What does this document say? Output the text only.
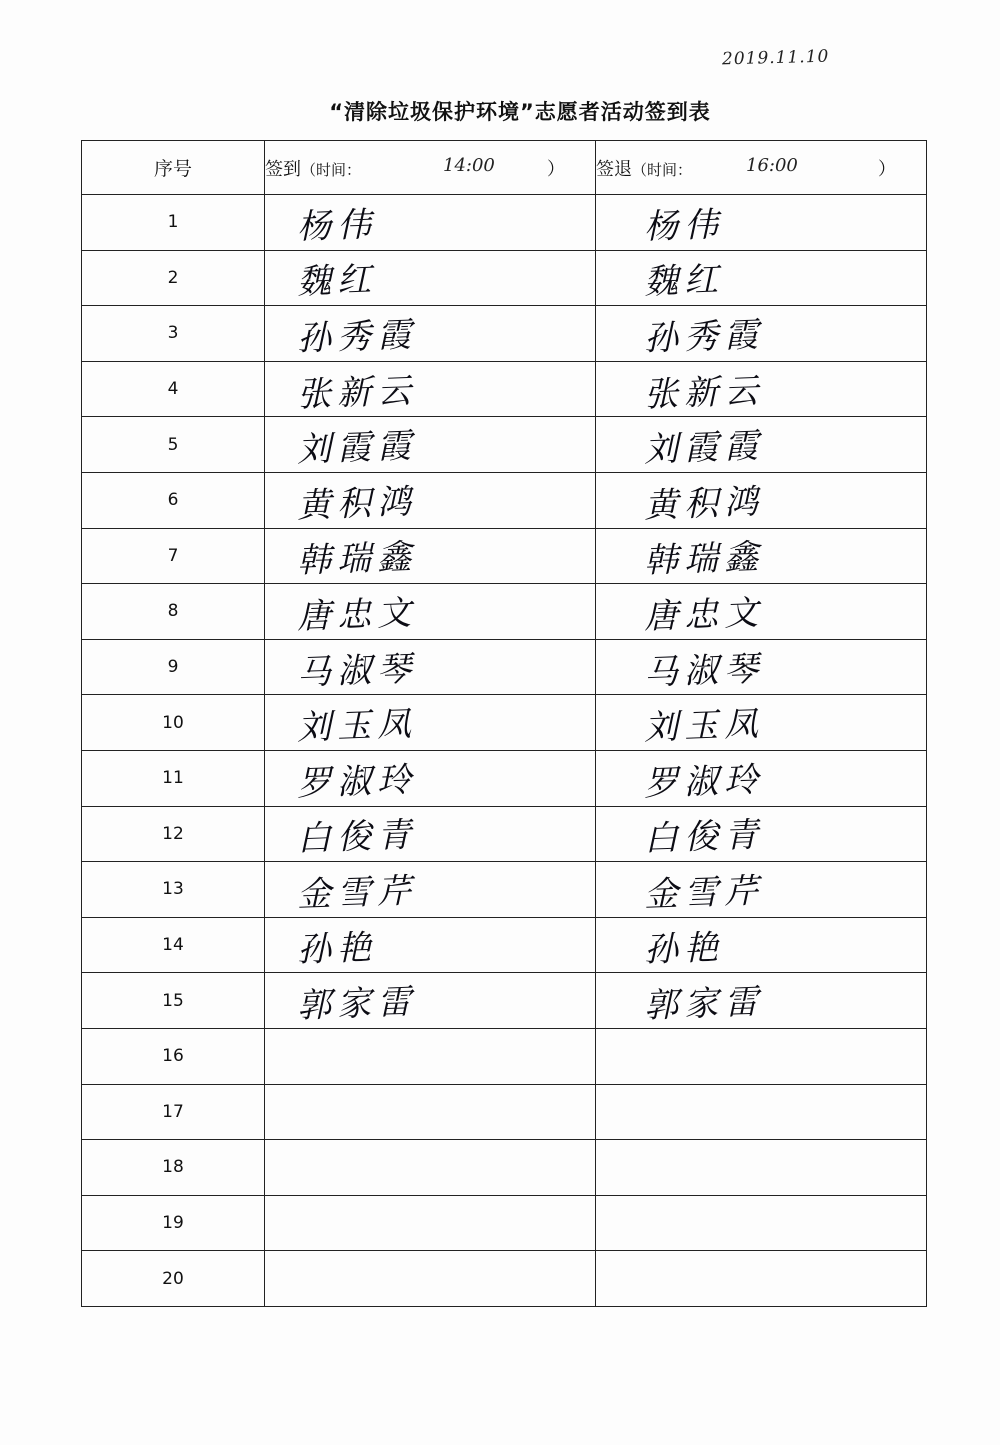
2019.11.10
“清除垃圾保护环境”志愿者活动签到表
序号	签到（时间： 14:00 ）	签退（时间： 16:00 ）

1	杨伟	杨伟
2	魏红	魏红
3	孙秀霞	孙秀霞
4	张新云	张新云
5	刘霞霞	刘霞霞
6	黄积鸿	黄积鸿
7	韩瑞鑫	韩瑞鑫
8	唐忠文	唐忠文
9	马淑琴	马淑琴
10	刘玉凤	刘玉凤
11	罗淑玲	罗淑玲
12	白俊青	白俊青
13	金雪芹	金雪芹
14	孙艳	孙艳
15	郭家雷	郭家雷
16		
17		
18		
19		
20		
